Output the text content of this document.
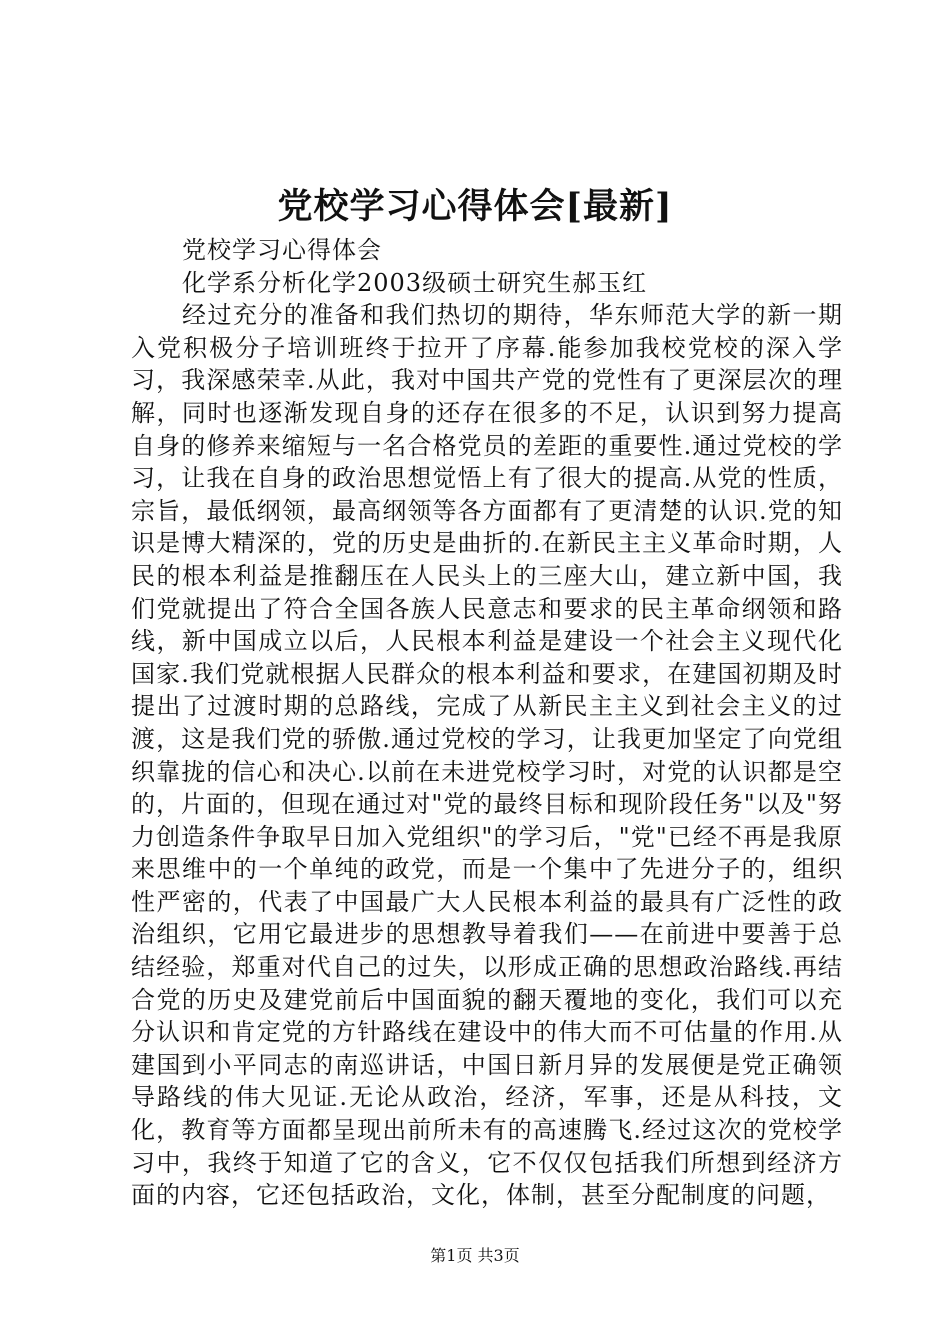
党校学习心得体会[最新]

党校学习心得体会

化学系分析化学2003级硕士研究生郝玉红

经过充分的准备和我们热切的期待，华东师范大学的新一期入党积极分子培训班终于拉开了序幕.能参加我校党校的深入学习，我深感荣幸.从此，我对中国共产党的党性有了更深层次的理解，同时也逐渐发现自身的还存在很多的不足，认识到努力提高自身的修养来缩短与一名合格党员的差距的重要性.通过党校的学习，让我在自身的政治思想觉悟上有了很大的提高.从党的性质，宗旨，最低纲领，最高纲领等各方面都有了更清楚的认识.党的知识是博大精深的，党的历史是曲折的.在新民主主义革命时期，人民的根本利益是推翻压在人民头上的三座大山，建立新中国，我们党就提出了符合全国各族人民意志和要求的民主革命纲领和路线，新中国成立以后，人民根本利益是建设一个社会主义现代化国家.我们党就根据人民群众的根本利益和要求，在建国初期及时提出了过渡时期的总路线，完成了从新民主主义到社会主义的过渡，这是我们党的骄傲.通过党校的学习，让我更加坚定了向党组织靠拢的信心和决心.以前在未进党校学习时，对党的认识都是空的，片面的，但现在通过对"党的最终目标和现阶段任务"以及"努力创造条件争取早日加入党组织"的学习后，"党"已经不再是我原来思维中的一个单纯的政党，而是一个集中了先进分子的，组织性严密的，代表了中国最广大人民根本利益的最具有广泛性的政治组织，它用它最进步的思想教导着我们——在前进中要善于总结经验，郑重对代自己的过失，以形成正确的思想政治路线.再结合党的历史及建党前后中国面貌的翻天覆地的变化，我们可以充分认识和肯定党的方针路线在建设中的伟大而不可估量的作用.从建国到小平同志的南巡讲话，中国日新月异的发展便是党正确领导路线的伟大见证.无论从政治，经济，军事，还是从科技，文化，教育等方面都呈现出前所未有的高速腾飞.经过这次的党校学习中，我终于知道了它的含义，它不仅仅包括我们所想到经济方面的内容，它还包括政治，文化，体制，甚至分配制度的问题，

第1页 共3页
